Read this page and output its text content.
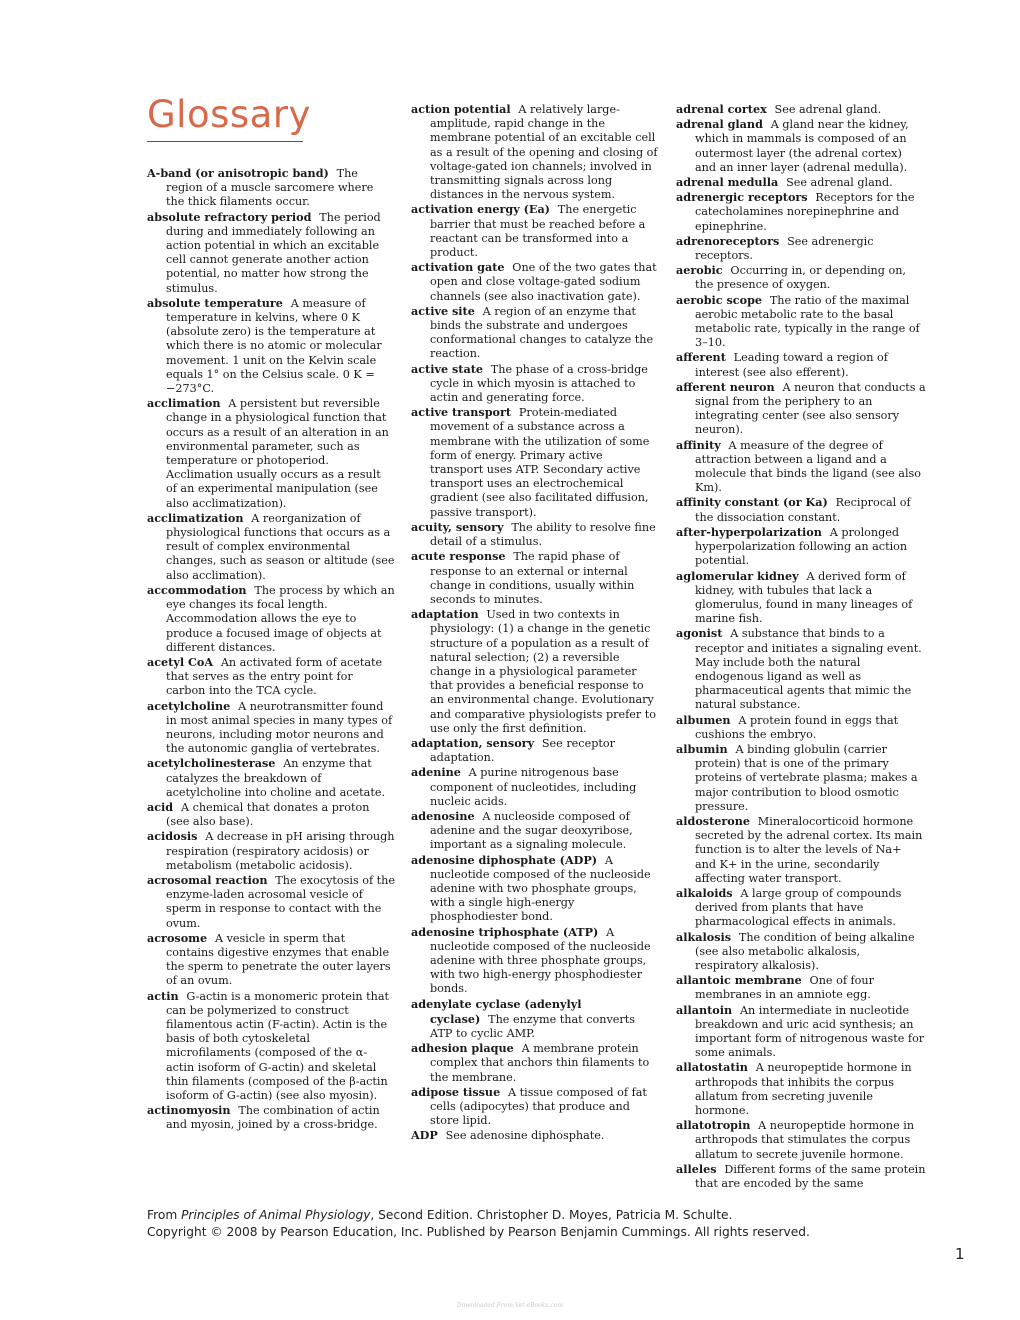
Glossary

A-band (or anisotropic band) The region of a muscle sarcomere where the thick filaments occur.

absolute refractory period The period during and immediately following an action potential in which an excitable cell cannot generate another action potential, no matter how strong the stimulus.

absolute temperature A measure of temperature in kelvins, where 0 K (absolute zero) is the temperature at which there is no atomic or molecular movement. 1 unit on the Kelvin scale equals 1° on the Celsius scale. 0 K = −273°C.

acclimation A persistent but reversible change in a physiological function that occurs as a result of an alteration in an environmental parameter, such as temperature or photoperiod. Acclimation usually occurs as a result of an experimental manipulation (see also acclimatization).

acclimatization A reorganization of physiological functions that occurs as a result of complex environmental changes, such as season or altitude (see also acclimation).

accommodation The process by which an eye changes its focal length. Accommodation allows the eye to produce a focused image of objects at different distances.

acetyl CoA An activated form of acetate that serves as the entry point for carbon into the TCA cycle.

acetylcholine A neurotransmitter found in most animal species in many types of neurons, including motor neurons and the autonomic ganglia of vertebrates.

acetylcholinesterase An enzyme that catalyzes the breakdown of acetylcholine into choline and acetate.

acid A chemical that donates a proton (see also base).

acidosis A decrease in pH arising through respiration (respiratory acidosis) or metabolism (metabolic acidosis).

acrosomal reaction The exocytosis of the enzyme-laden acrosomal vesicle of sperm in response to contact with the ovum.

acrosome A vesicle in sperm that contains digestive enzymes that enable the sperm to penetrate the outer layers of an ovum.

actin G-actin is a monomeric protein that can be polymerized to construct filamentous actin (F-actin). Actin is the basis of both cytoskeletal microfilaments (composed of the α-actin isoform of G-actin) and skeletal thin filaments (composed of the β-actin isoform of G-actin) (see also myosin).

actinomyosin The combination of actin and myosin, joined by a cross-bridge.

action potential A relatively large-amplitude, rapid change in the membrane potential of an excitable cell as a result of the opening and closing of voltage-gated ion channels; involved in transmitting signals across long distances in the nervous system.

activation energy (Ea) The energetic barrier that must be reached before a reactant can be transformed into a product.

activation gate One of the two gates that open and close voltage-gated sodium channels (see also inactivation gate).

active site A region of an enzyme that binds the substrate and undergoes conformational changes to catalyze the reaction.

active state The phase of a cross-bridge cycle in which myosin is attached to actin and generating force.

active transport Protein-mediated movement of a substance across a membrane with the utilization of some form of energy. Primary active transport uses ATP. Secondary active transport uses an electrochemical gradient (see also facilitated diffusion, passive transport).

acuity, sensory The ability to resolve fine detail of a stimulus.

acute response The rapid phase of response to an external or internal change in conditions, usually within seconds to minutes.

adaptation Used in two contexts in physiology: (1) a change in the genetic structure of a population as a result of natural selection; (2) a reversible change in a physiological parameter that provides a beneficial response to an environmental change. Evolutionary and comparative physiologists prefer to use only the first definition.

adaptation, sensory See receptor adaptation.

adenine A purine nitrogenous base component of nucleotides, including nucleic acids.

adenosine A nucleoside composed of adenine and the sugar deoxyribose, important as a signaling molecule.

adenosine diphosphate (ADP) A nucleotide composed of the nucleoside adenine with two phosphate groups, with a single high-energy phosphodiester bond.

adenosine triphosphate (ATP) A nucleotide composed of the nucleoside adenine with three phosphate groups, with two high-energy phosphodiester bonds.

adenylate cyclase (adenylyl cyclase) The enzyme that converts ATP to cyclic AMP.

adhesion plaque A membrane protein complex that anchors thin filaments to the membrane.

adipose tissue A tissue composed of fat cells (adipocytes) that produce and store lipid.

ADP See adenosine diphosphate.

adrenal cortex See adrenal gland.

adrenal gland A gland near the kidney, which in mammals is composed of an outermost layer (the adrenal cortex) and an inner layer (adrenal medulla).

adrenal medulla See adrenal gland.

adrenergic receptors Receptors for the catecholamines norepinephrine and epinephrine.

adrenoreceptors See adrenergic receptors.

aerobic Occurring in, or depending on, the presence of oxygen.

aerobic scope The ratio of the maximal aerobic metabolic rate to the basal metabolic rate, typically in the range of 3–10.

afferent Leading toward a region of interest (see also efferent).

afferent neuron A neuron that conducts a signal from the periphery to an integrating center (see also sensory neuron).

affinity A measure of the degree of attraction between a ligand and a molecule that binds the ligand (see also Km).

affinity constant (or Ka) Reciprocal of the dissociation constant.

after-hyperpolarization A prolonged hyperpolarization following an action potential.

aglomerular kidney A derived form of kidney, with tubules that lack a glomerulus, found in many lineages of marine fish.

agonist A substance that binds to a receptor and initiates a signaling event. May include both the natural endogenous ligand as well as pharmaceutical agents that mimic the natural substance.

albumen A protein found in eggs that cushions the embryo.

albumin A binding globulin (carrier protein) that is one of the primary proteins of vertebrate plasma; makes a major contribution to blood osmotic pressure.

aldosterone Mineralocorticoid hormone secreted by the adrenal cortex. Its main function is to alter the levels of Na+ and K+ in the urine, secondarily affecting water transport.

alkaloids A large group of compounds derived from plants that have pharmacological effects in animals.

alkalosis The condition of being alkaline (see also metabolic alkalosis, respiratory alkalosis).

allantoic membrane One of four membranes in an amniote egg.

allantoin An intermediate in nucleotide breakdown and uric acid synthesis; an important form of nitrogenous waste for some animals.

allatostatin A neuropeptide hormone in arthropods that inhibits the corpus allatum from secreting juvenile hormone.

allatotropin A neuropeptide hormone in arthropods that stimulates the corpus allatum to secrete juvenile hormone.

alleles Different forms of the same protein that are encoded by the same

From Principles of Animal Physiology, Second Edition. Christopher D. Moyes, Patricia M. Schulte.
Copyright © 2008 by Pearson Education, Inc. Published by Pearson Benjamin Cummings. All rights reserved.
1
Downloaded From Vet-eBooks.com
